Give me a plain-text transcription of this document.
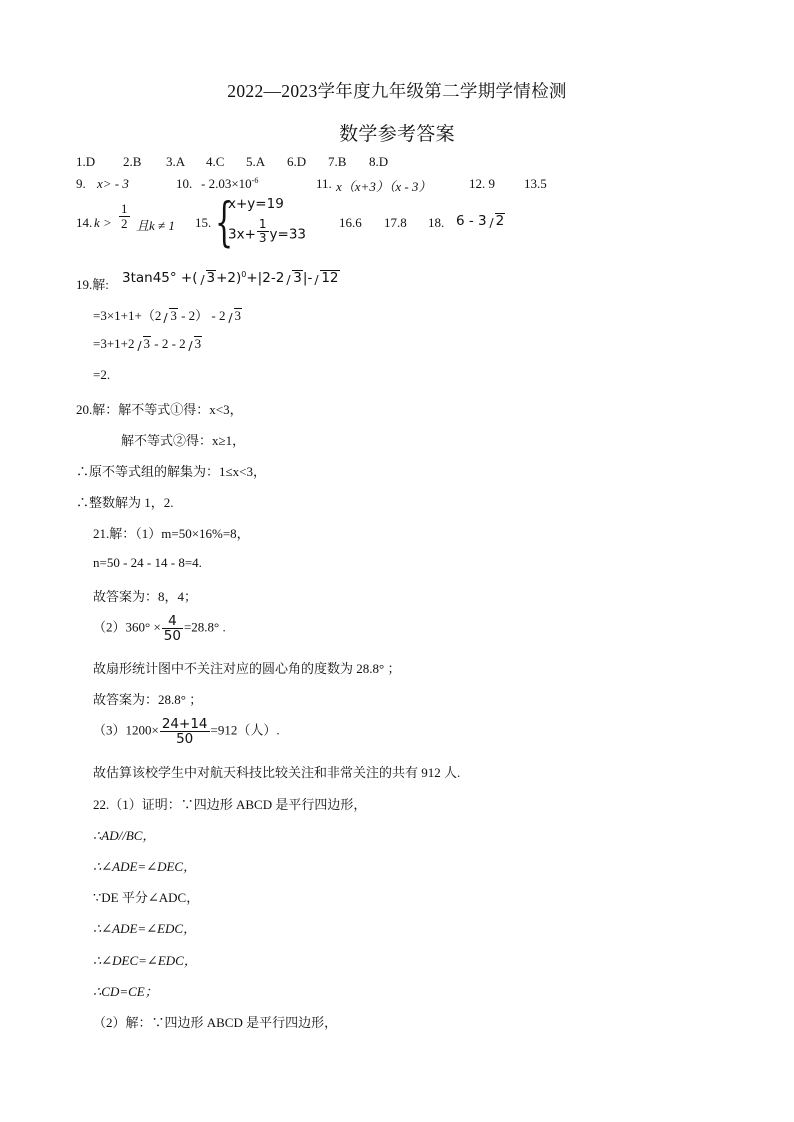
2022—2023学年度九年级第二学期学情检测
数学参考答案
1.D 2.B 3.A 4.C 5.A 6.D 7.B 8.D
9. x> - 3	10. - $2.03\times 10^{-6}$	11. x（x+3）（x - 3）	12. 9 13.5
14. $k > \frac{1}{2}$ 且k ≠ 1 15. {
x+y=19
$3x+ \frac{1}{3} y=33$
16.6 17.8 18. 6 - 3 2
19.解: 3tan45° +( 3+2)$^0$+|2-2 3|- 12
=3×1+1+（2 3 - 2） - 2 3
=3+1+2 3 - 2 - 2 3
=2.
20.解：解不等式①得：x<3，
解不等式②得：x≥1，
∴原不等式组的解集为：1≤x<3，
∴整数解为 1，2.
21.解：（1）m=50×16%=8，
n=50 - 24 - 14 - 8=4.
故答案为：8，4；
$(2)360^\circ \times \frac{4}{50} =28.8^\circ$ .
故扇形统计图中不关注对应的圆心角的度数为 28.8° ；
故答案为：28.8° ；
$(3)1200\times \frac{24+14}{50} =912$（人）.
故估算该校学生中对航天科技比较关注和非常关注的共有 912 人.
22.（1）证明：∵四边形 ABCD 是平行四边形，
∴AD//BC，
∴∠ADE=∠DEC，
∵DE 平分∠ADC，
∴∠ADE=∠EDC，
∴∠DEC=∠EDC，
∴CD=CE；
（2）解：∵四边形 ABCD 是平行四边形，
